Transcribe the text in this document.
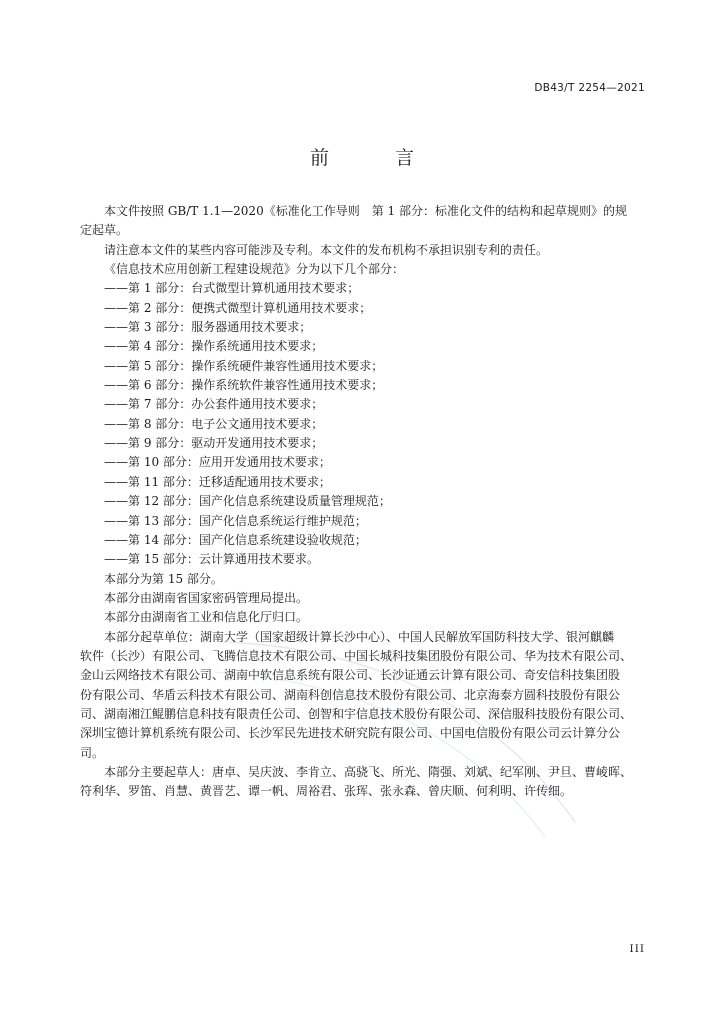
DB43/T 2254—2021
前 言

本文件按照 GB/T 1.1—2020《标准化工作导则　第 1 部分：标准化文件的结构和起草规则》的规

定起草。

请注意本文件的某些内容可能涉及专利。本文件的发布机构不承担识别专利的责任。

《信息技术应用创新工程建设规范》分为以下几个部分：

——第 1 部分：台式微型计算机通用技术要求；

——第 2 部分：便携式微型计算机通用技术要求；

——第 3 部分：服务器通用技术要求；

——第 4 部分：操作系统通用技术要求；

——第 5 部分：操作系统硬件兼容性通用技术要求；

——第 6 部分：操作系统软件兼容性通用技术要求；

——第 7 部分：办公套件通用技术要求；

——第 8 部分：电子公文通用技术要求；

——第 9 部分：驱动开发通用技术要求；

——第 10 部分：应用开发通用技术要求；

——第 11 部分：迁移适配通用技术要求；

——第 12 部分：国产化信息系统建设质量管理规范；

——第 13 部分：国产化信息系统运行维护规范；

——第 14 部分：国产化信息系统建设验收规范；

——第 15 部分：云计算通用技术要求。

本部分为第 15 部分。

本部分由湖南省国家密码管理局提出。

本部分由湖南省工业和信息化厅归口。

本部分起草单位：湖南大学（国家超级计算长沙中心）、中国人民解放军国防科技大学、银河麒麟

软件（长沙）有限公司、飞腾信息技术有限公司、中国长城科技集团股份有限公司、华为技术有限公司、

金山云网络技术有限公司、湖南中软信息系统有限公司、长沙证通云计算有限公司、奇安信科技集团股

份有限公司、华盾云科技术有限公司、湖南科创信息技术股份有限公司、北京海泰方圆科技股份有限公

司、湖南湘江鲲鹏信息科技有限责任公司、创智和宇信息技术股份有限公司、深信服科技股份有限公司、

深圳宝德计算机系统有限公司、长沙军民先进技术研究院有限公司、中国电信股份有限公司云计算分公

司。

本部分主要起草人：唐卓、吴庆波、李肯立、高骁飞、所光、隋强、刘斌、纪军刚、尹旦、曹崚晖、

符利华、罗笛、肖慧、黄晋艺、谭一帆、周裕君、张珲、张永森、曾庆顺、何利明、许传细。

III
